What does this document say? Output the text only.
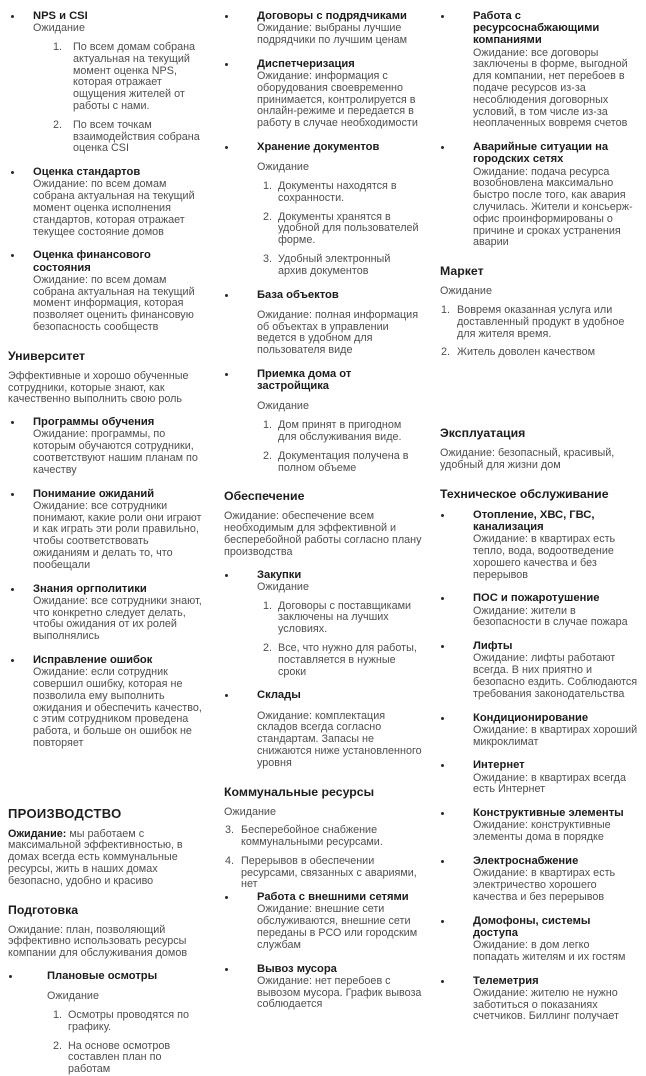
NPS и CSI
Ожидание
1.	По всем домам собрана актуальная на текущий момент оценка NPS, которая отражает ощущения жителей от работы с нами.
2.	По всем точкам взаимодействия собрана оценка CSI
Оценка стандартов
Ожидание: по всем домам собрана актуальная на текущий момент оценка исполнения стандартов, которая отражает текущее состояние домов
Оценка финансового состояния
Ожидание: по всем домам собрана актуальная на текущий момент информация, которая позволяет оценить финансовую безопасность сообществ
Университет
Эффективные и хорошо обученные сотрудники, которые знают, как качественно выполнить свою роль
Программы обучения
Ожидание: программы, по которым обучаются сотрудники, соответствуют нашим планам по качеству
Понимание ожиданий
Ожидание: все сотрудники понимают, какие роли они играют и как играть эти роли правильно, чтобы соответствовать ожиданиям и делать то, что пообещали
Знания оргполитики
Ожидание: все сотрудники знают, что конкретно следует делать, чтобы ожидания от их ролей выполнялись
Исправление ошибок
Ожидание: если сотрудник совершил ошибку, которая не позволила ему выполнить ожидания и обеспечить качество, с этим сотрудником проведена работа, и больше он ошибок не повторяет
ПРОИЗВОДСТВО
Ожидание: мы работаем с максимальной эффективностью, в домах всегда есть коммунальные ресурсы, жить в наших домах безопасно, удобно и красиво
Подготовка
Ожидание: план, позволяющий эффективно использовать ресурсы компании для обслуживания домов
Плановые осмотры
Ожидание
1. Осмотры проводятся по графику.
2. На основе осмотров составлен план по работам
Договоры с подрядчиками
Ожидание: выбраны лучшие подрядчики по лучшим ценам
Диспетчеризация
Ожидание: информация с оборудования своевременно принимается, контролируется в онлайн-режиме и передается в работу в случае необходимости
Хранение документов
Ожидание
1. Документы находятся в сохранности.
2. Документы хранятся в удобной для пользователей форме.
3. Удобный электронный архив документов
База объектов
Ожидание: полная информация об объектах в управлении ведется в удобном для пользователя виде
Приемка дома от застройщика
Ожидание
1. Дом принят в пригодном для обслуживания виде.
2. Документация получена в полном объеме
Обеспечение
Ожидание: обеспечение всем необходимым для эффективной и бесперебойной работы согласно плану производства
Закупки
Ожидание
1. Договоры с поставщиками заключены на лучших условиях.
2. Все, что нужно для работы, поставляется в нужные сроки
Склады
Ожидание: комплектация складов всегда согласно стандартам. Запасы не снижаются ниже установленного уровня
Коммунальные ресурсы
Ожидание
3. Бесперебойное снабжение коммунальными ресурсами.
4. Перерывов в обеспечении ресурсами, связанных с авариями, нет
Работа с внешними сетями
Ожидание: внешние сети обслуживаются, внешние сети переданы в РСО или городским службам
Вывоз мусора
Ожидание: нет перебоев с вывозом мусора. График вывоза соблюдается
Работа с ресурсоснабжающими компаниями
Ожидание: все договоры заключены в форме, выгодной для компании, нет перебоев в подаче ресурсов из-за несоблюдения договорных условий, в том числе из-за неоплаченных вовремя счетов
Аварийные ситуации на городских сетях
Ожидание: подача ресурса возобновлена максимально быстро после того, как авария случилась. Жители и консьерж-офис проинформированы о причине и сроках устранения аварии
Маркет
Ожидание
1. Вовремя оказанная услуга или доставленный продукт в удобное для жителя время.
2. Житель доволен качеством
Эксплуатация
Ожидание: безопасный, красивый, удобный для жизни дом
Техническое обслуживание
Отопление, ХВС, ГВС, канализация
Ожидание: в квартирах есть тепло, вода, водоотведение хорошего качества и без перерывов
ПОС и пожаротушение
Ожидание: жители в безопасности в случае пожара
Лифты
Ожидание: лифты работают всегда. В них приятно и безопасно ездить. Соблюдаются требования законодательства
Кондиционирование
Ожидание: в квартирах хороший микроклимат
Интернет
Ожидание: в квартирах всегда есть Интернет
Конструктивные элементы
Ожидание: конструктивные элементы дома в порядке
Электроснабжение
Ожидание: в квартирах есть электричество хорошего качества и без перерывов
Домофоны, системы доступа
Ожидание: в дом легко попадать жителям и их гостям
Телеметрия
Ожидание: жителю не нужно заботиться о показаниях счетчиков. Биллинг получает
